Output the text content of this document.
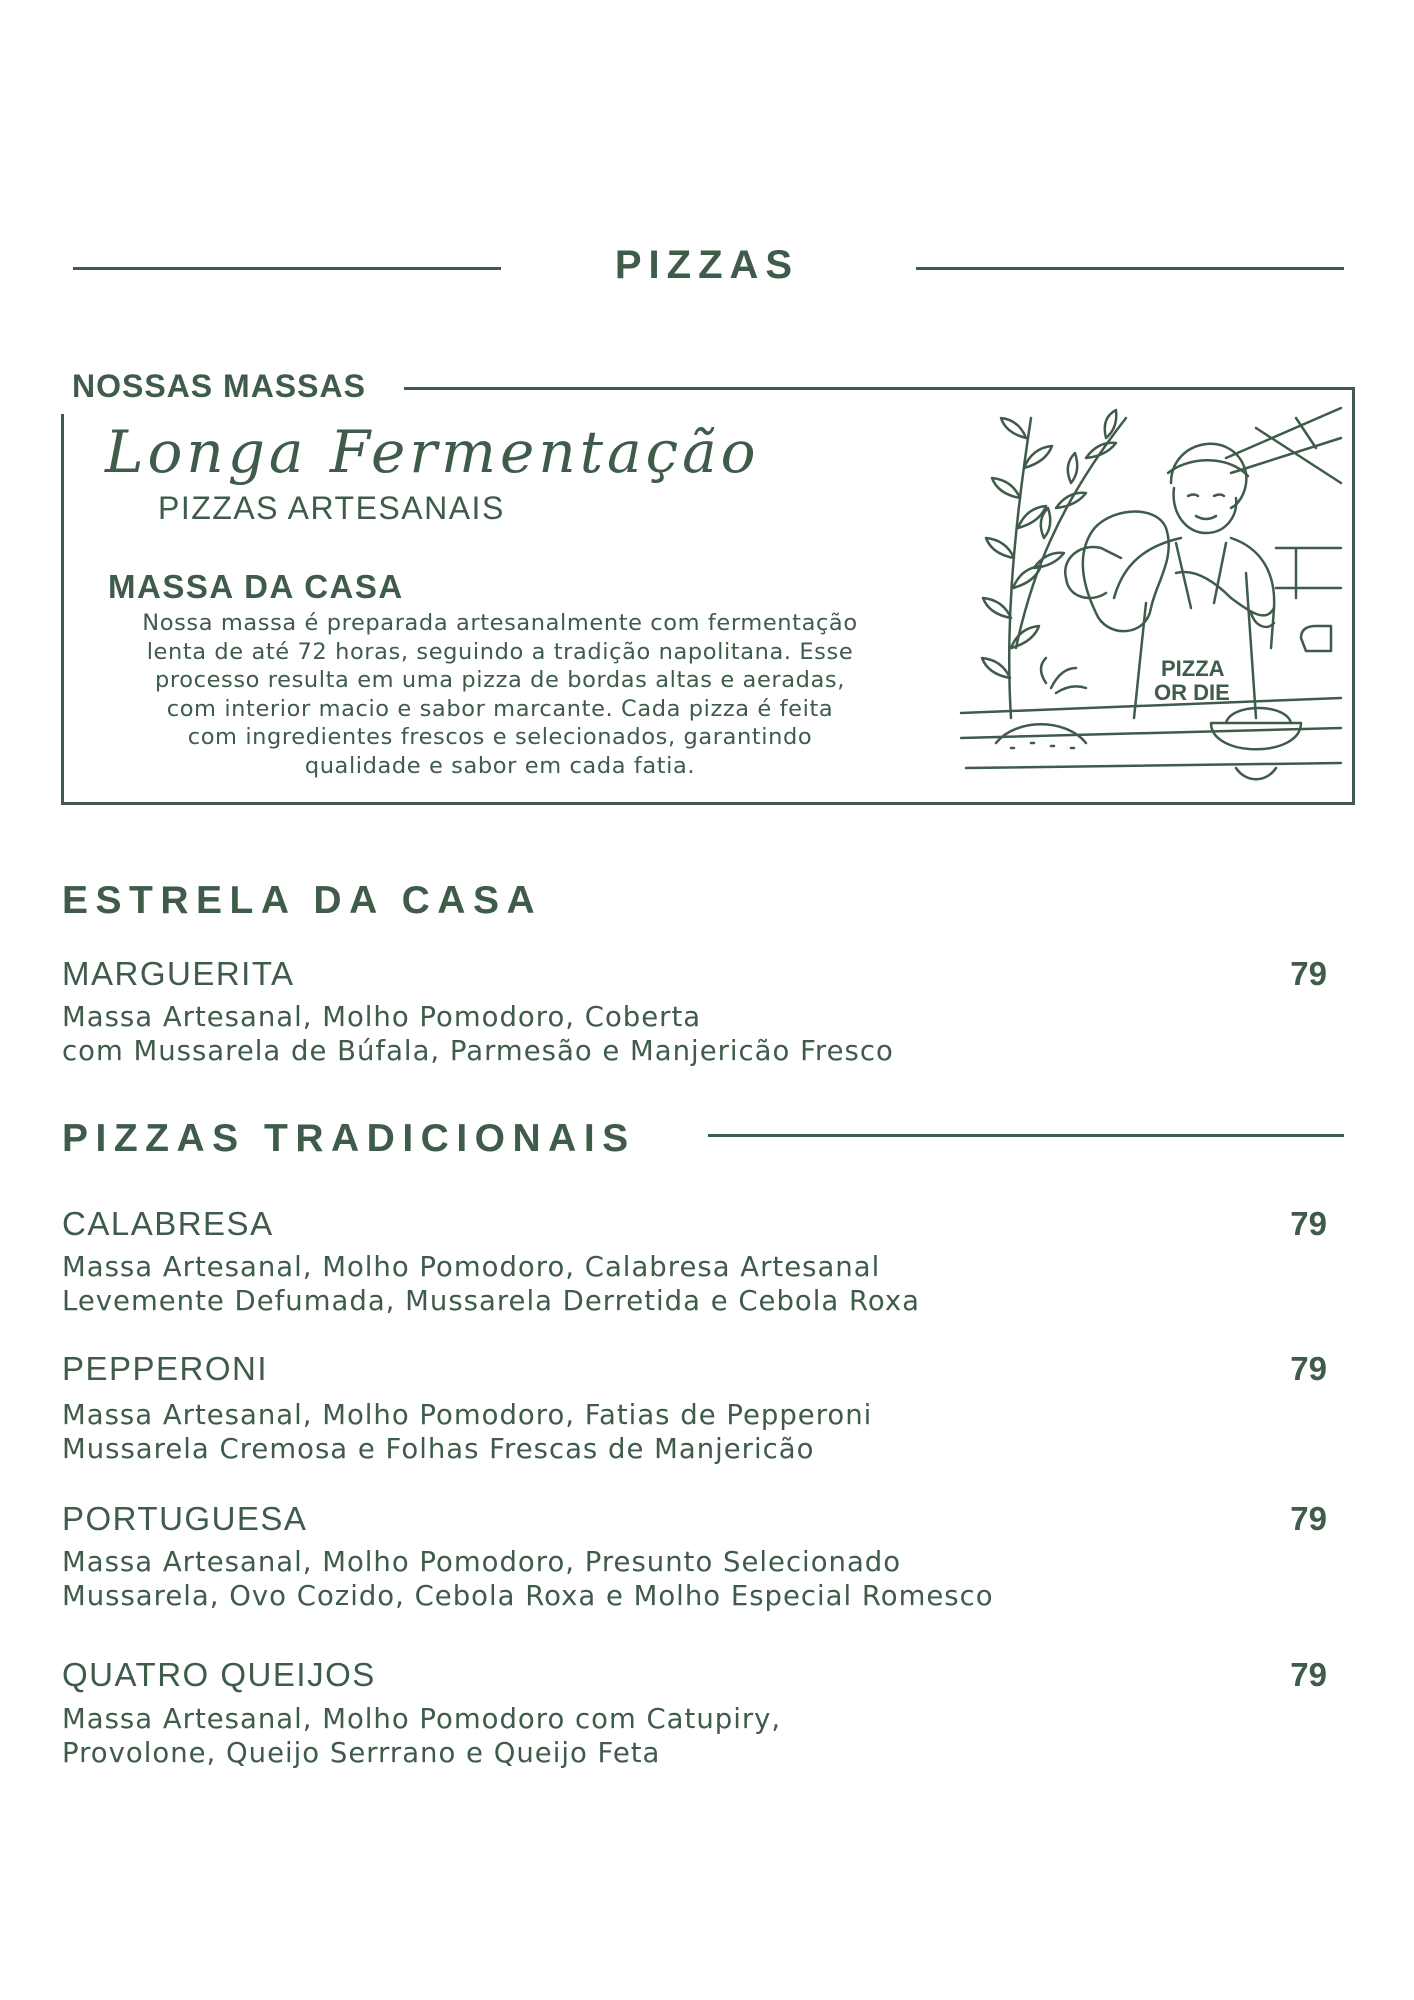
PIZZAS
NOSSAS MASSAS
Longa Fermentação
PIZZAS ARTESANAIS
MASSA DA CASA
Nossa massa é preparada artesanalmente com fermentação
lenta de até 72 horas, seguindo a tradição napolitana. Esse
processo resulta em uma pizza de bordas altas e aeradas,
com interior macio e sabor marcante. Cada pizza é feita
com ingredientes frescos e selecionados, garantindo
qualidade e sabor em cada fatia.
PIZZA
OR DIE
ESTRELA DA CASA
MARGUERITA	79
Massa Artesanal, Molho Pomodoro, Coberta
com Mussarela de Búfala, Parmesão e Manjericão Fresco
PIZZAS TRADICIONAIS
CALABRESA	79
Massa Artesanal, Molho Pomodoro, Calabresa Artesanal
Levemente Defumada, Mussarela Derretida e Cebola Roxa
PEPPERONI	79
Massa Artesanal, Molho Pomodoro, Fatias de Pepperoni
Mussarela Cremosa e Folhas Frescas de Manjericão
PORTUGUESA	79
Massa Artesanal, Molho Pomodoro, Presunto Selecionado
Mussarela, Ovo Cozido, Cebola Roxa e Molho Especial Romesco
QUATRO QUEIJOS	79
Massa Artesanal, Molho Pomodoro com Catupiry,
Provolone, Queijo Serrrano e Queijo Feta
